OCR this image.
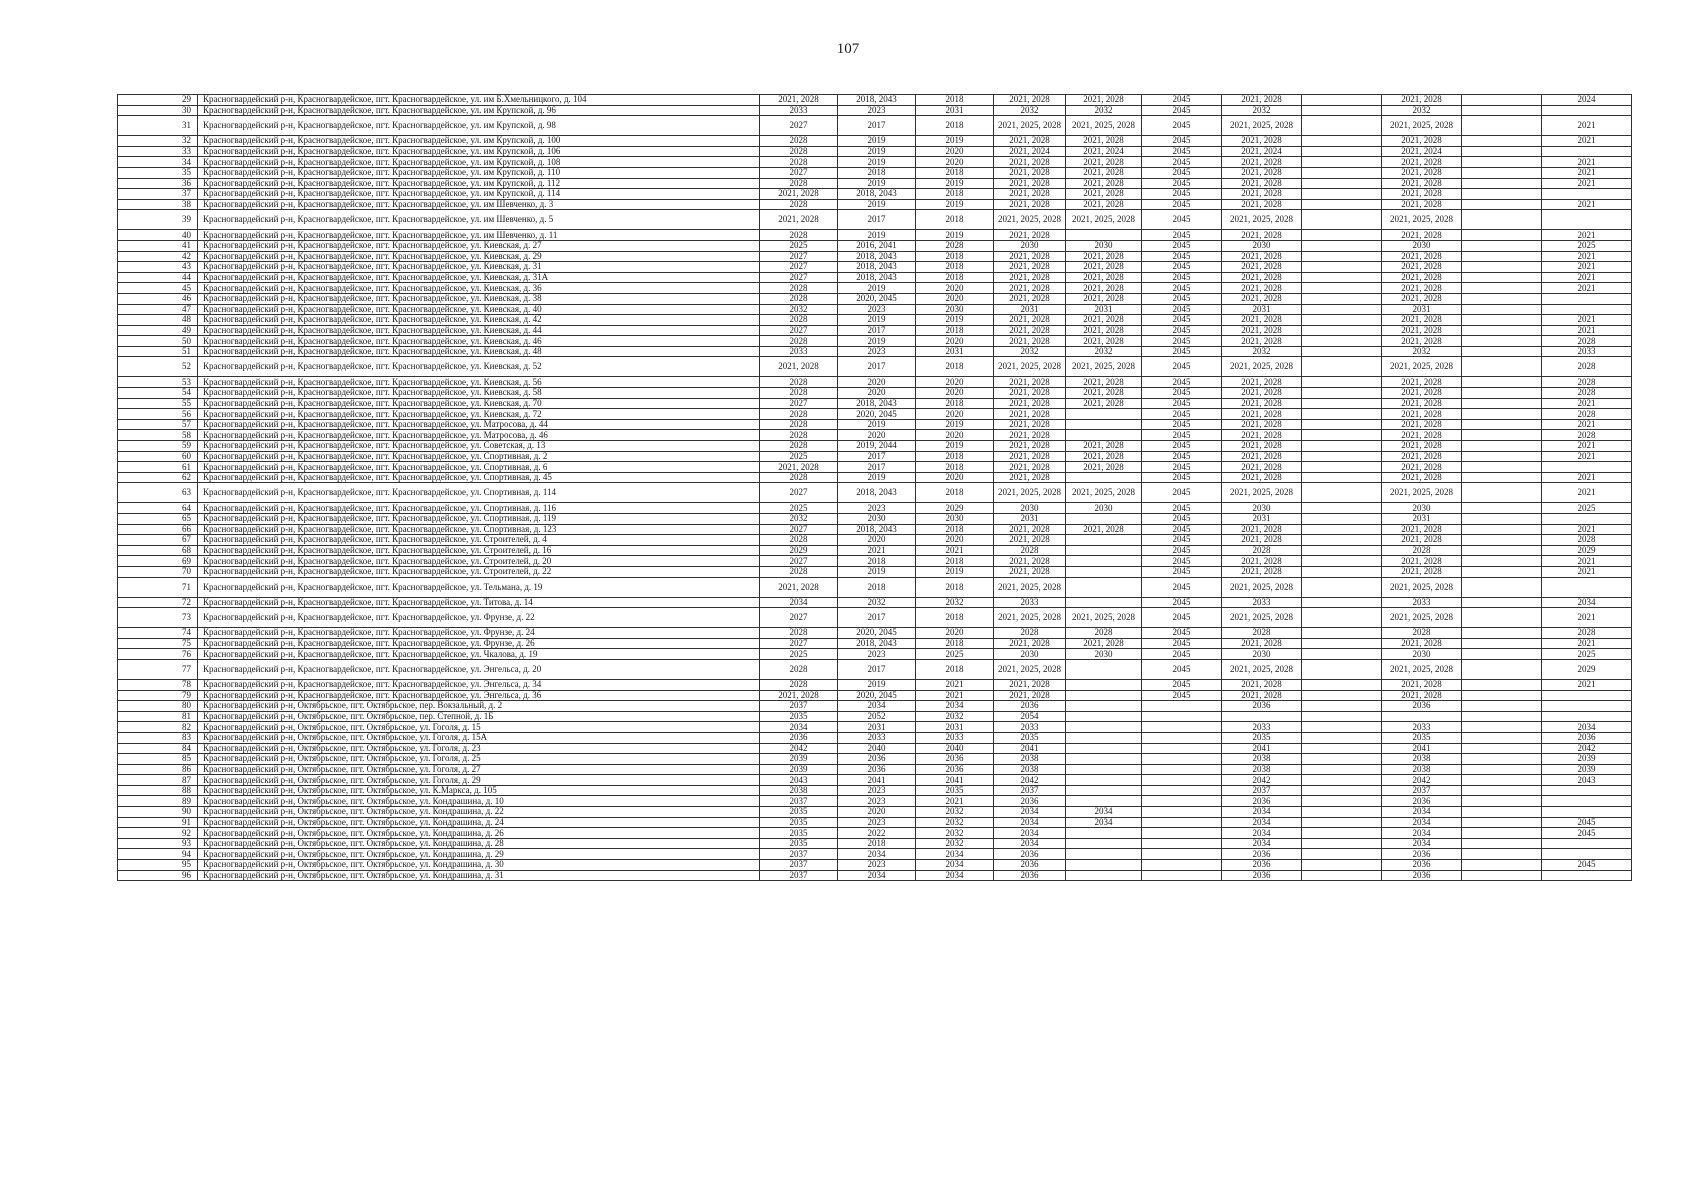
107
29	Красногвардейский р-н, Красногвардейское, пгт. Красногвардейское, ул. им Б.Хмельницкого, д. 104	2021, 2028	2018, 2043	2018	2021, 2028	2021, 2028	2045	2021, 2028		2021, 2028		2024
30	Красногвардейский р-н, Красногвардейское, пгт. Красногвардейское, ул. им Крупской, д. 96	2033	2023	2031	2032	2032	2045	2032		2032		
31	Красногвардейский р-н, Красногвардейское, пгт. Красногвардейское, ул. им Крупской, д. 98	2027	2017	2018	2021, 2025, 2028	2021, 2025, 2028	2045	2021, 2025, 2028		2021, 2025, 2028		2021
32	Красногвардейский р-н, Красногвардейское, пгт. Красногвардейское, ул. им Крупской, д. 100	2028	2019	2019	2021, 2028	2021, 2028	2045	2021, 2028		2021, 2028		2021
33	Красногвардейский р-н, Красногвардейское, пгт. Красногвардейское, ул. им Крупской, д. 106	2028	2019	2020	2021, 2024	2021, 2024	2045	2021, 2024		2021, 2024		
34	Красногвардейский р-н, Красногвардейское, пгт. Красногвардейское, ул. им Крупской, д. 108	2028	2019	2020	2021, 2028	2021, 2028	2045	2021, 2028		2021, 2028		2021
35	Красногвардейский р-н, Красногвардейское, пгт. Красногвардейское, ул. им Крупской, д. 110	2027	2018	2018	2021, 2028	2021, 2028	2045	2021, 2028		2021, 2028		2021
36	Красногвардейский р-н, Красногвардейское, пгт. Красногвардейское, ул. им Крупской, д. 112	2028	2019	2019	2021, 2028	2021, 2028	2045	2021, 2028		2021, 2028		2021
37	Красногвардейский р-н, Красногвардейское, пгт. Красногвардейское, ул. им Крупской, д. 114	2021, 2028	2018, 2043	2018	2021, 2028	2021, 2028	2045	2021, 2028		2021, 2028		
38	Красногвардейский р-н, Красногвардейское, пгт. Красногвардейское, ул. им Шевченко, д. 3	2028	2019	2019	2021, 2028	2021, 2028	2045	2021, 2028		2021, 2028		2021
39	Красногвардейский р-н, Красногвардейское, пгт. Красногвардейское, ул. им Шевченко, д. 5	2021, 2028	2017	2018	2021, 2025, 2028	2021, 2025, 2028	2045	2021, 2025, 2028		2021, 2025, 2028		
40	Красногвардейский р-н, Красногвардейское, пгт. Красногвардейское, ул. им Шевченко, д. 11	2028	2019	2019	2021, 2028		2045	2021, 2028		2021, 2028		2021
41	Красногвардейский р-н, Красногвардейское, пгт. Красногвардейское, ул. Киевская, д. 27	2025	2016, 2041	2028	2030	2030	2045	2030		2030		2025
42	Красногвардейский р-н, Красногвардейское, пгт. Красногвардейское, ул. Киевская, д. 29	2027	2018, 2043	2018	2021, 2028	2021, 2028	2045	2021, 2028		2021, 2028		2021
43	Красногвардейский р-н, Красногвардейское, пгт. Красногвардейское, ул. Киевская, д. 31	2027	2018, 2043	2018	2021, 2028	2021, 2028	2045	2021, 2028		2021, 2028		2021
44	Красногвардейский р-н, Красногвардейское, пгт. Красногвардейское, ул. Киевская, д. 31А	2027	2018, 2043	2018	2021, 2028	2021, 2028	2045	2021, 2028		2021, 2028		2021
45	Красногвардейский р-н, Красногвардейское, пгт. Красногвардейское, ул. Киевская, д. 36	2028	2019	2020	2021, 2028	2021, 2028	2045	2021, 2028		2021, 2028		2021
46	Красногвардейский р-н, Красногвардейское, пгт. Красногвардейское, ул. Киевская, д. 38	2028	2020, 2045	2020	2021, 2028	2021, 2028	2045	2021, 2028		2021, 2028		
47	Красногвардейский р-н, Красногвардейское, пгт. Красногвардейское, ул. Киевская, д. 40	2032	2023	2030	2031	2031	2045	2031		2031		
48	Красногвардейский р-н, Красногвардейское, пгт. Красногвардейское, ул. Киевская, д. 42	2028	2019	2019	2021, 2028	2021, 2028	2045	2021, 2028		2021, 2028		2021
49	Красногвардейский р-н, Красногвардейское, пгт. Красногвардейское, ул. Киевская, д. 44	2027	2017	2018	2021, 2028	2021, 2028	2045	2021, 2028		2021, 2028		2021
50	Красногвардейский р-н, Красногвардейское, пгт. Красногвардейское, ул. Киевская, д. 46	2028	2019	2020	2021, 2028	2021, 2028	2045	2021, 2028		2021, 2028		2028
51	Красногвардейский р-н, Красногвардейское, пгт. Красногвардейское, ул. Киевская, д. 48	2033	2023	2031	2032	2032	2045	2032		2032		2033
52	Красногвардейский р-н, Красногвардейское, пгт. Красногвардейское, ул. Киевская, д. 52	2021, 2028	2017	2018	2021, 2025, 2028	2021, 2025, 2028	2045	2021, 2025, 2028		2021, 2025, 2028		2028
53	Красногвардейский р-н, Красногвардейское, пгт. Красногвардейское, ул. Киевская, д. 56	2028	2020	2020	2021, 2028	2021, 2028	2045	2021, 2028		2021, 2028		2028
54	Красногвардейский р-н, Красногвардейское, пгт. Красногвардейское, ул. Киевская, д. 58	2028	2020	2020	2021, 2028	2021, 2028	2045	2021, 2028		2021, 2028		2028
55	Красногвардейский р-н, Красногвардейское, пгт. Красногвардейское, ул. Киевская, д. 70	2027	2018, 2043	2018	2021, 2028	2021, 2028	2045	2021, 2028		2021, 2028		2021
56	Красногвардейский р-н, Красногвардейское, пгт. Красногвардейское, ул. Киевская, д. 72	2028	2020, 2045	2020	2021, 2028		2045	2021, 2028		2021, 2028		2028
57	Красногвардейский р-н, Красногвардейское, пгт. Красногвардейское, ул. Матросова, д. 44	2028	2019	2019	2021, 2028		2045	2021, 2028		2021, 2028		2021
58	Красногвардейский р-н, Красногвардейское, пгт. Красногвардейское, ул. Матросова, д. 46	2028	2020	2020	2021, 2028		2045	2021, 2028		2021, 2028		2028
59	Красногвардейский р-н, Красногвардейское, пгт. Красногвардейское, ул. Советская, д. 13	2028	2019, 2044	2019	2021, 2028	2021, 2028	2045	2021, 2028		2021, 2028		2021
60	Красногвардейский р-н, Красногвардейское, пгт. Красногвардейское, ул. Спортивная, д. 2	2025	2017	2018	2021, 2028	2021, 2028	2045	2021, 2028		2021, 2028		2021
61	Красногвардейский р-н, Красногвардейское, пгт. Красногвардейское, ул. Спортивная, д. 6	2021, 2028	2017	2018	2021, 2028	2021, 2028	2045	2021, 2028		2021, 2028		
62	Красногвардейский р-н, Красногвардейское, пгт. Красногвардейское, ул. Спортивная, д. 45	2028	2019	2020	2021, 2028		2045	2021, 2028		2021, 2028		2021
63	Красногвардейский р-н, Красногвардейское, пгт. Красногвардейское, ул. Спортивная, д. 114	2027	2018, 2043	2018	2021, 2025, 2028	2021, 2025, 2028	2045	2021, 2025, 2028		2021, 2025, 2028		2021
64	Красногвардейский р-н, Красногвардейское, пгт. Красногвардейское, ул. Спортивная, д. 116	2025	2023	2029	2030	2030	2045	2030		2030		2025
65	Красногвардейский р-н, Красногвардейское, пгт. Красногвардейское, ул. Спортивная, д. 119	2032	2030	2030	2031		2045	2031		2031		
66	Красногвардейский р-н, Красногвардейское, пгт. Красногвардейское, ул. Спортивная, д. 123	2027	2018, 2043	2018	2021, 2028	2021, 2028	2045	2021, 2028		2021, 2028		2021
67	Красногвардейский р-н, Красногвардейское, пгт. Красногвардейское, ул. Строителей, д. 4	2028	2020	2020	2021, 2028		2045	2021, 2028		2021, 2028		2028
68	Красногвардейский р-н, Красногвардейское, пгт. Красногвардейское, ул. Строителей, д. 16	2029	2021	2021	2028		2045	2028		2028		2029
69	Красногвардейский р-н, Красногвардейское, пгт. Красногвардейское, ул. Строителей, д. 20	2027	2018	2018	2021, 2028		2045	2021, 2028		2021, 2028		2021
70	Красногвардейский р-н, Красногвардейское, пгт. Красногвардейское, ул. Строителей, д. 22	2028	2019	2019	2021, 2028		2045	2021, 2028		2021, 2028		2021
71	Красногвардейский р-н, Красногвардейское, пгт. Красногвардейское, ул. Тельмана, д. 19	2021, 2028	2018	2018	2021, 2025, 2028		2045	2021, 2025, 2028		2021, 2025, 2028		
72	Красногвардейский р-н, Красногвардейское, пгт. Красногвардейское, ул. Титова, д. 14	2034	2032	2032	2033		2045	2033		2033		2034
73	Красногвардейский р-н, Красногвардейское, пгт. Красногвардейское, ул. Фрунзе, д. 22	2027	2017	2018	2021, 2025, 2028	2021, 2025, 2028	2045	2021, 2025, 2028		2021, 2025, 2028		2021
74	Красногвардейский р-н, Красногвардейское, пгт. Красногвардейское, ул. Фрунзе, д. 24	2028	2020, 2045	2020	2028	2028	2045	2028		2028		2028
75	Красногвардейский р-н, Красногвардейское, пгт. Красногвардейское, ул. Фрунзе, д. 26	2027	2018, 2043	2018	2021, 2028	2021, 2028	2045	2021, 2028		2021, 2028		2021
76	Красногвардейский р-н, Красногвардейское, пгт. Красногвардейское, ул. Чкалова, д. 19	2025	2023	2025	2030	2030	2045	2030		2030		2025
77	Красногвардейский р-н, Красногвардейское, пгт. Красногвардейское, ул. Энгельса, д. 20	2028	2017	2018	2021, 2025, 2028		2045	2021, 2025, 2028		2021, 2025, 2028		2029
78	Красногвардейский р-н, Красногвардейское, пгт. Красногвардейское, ул. Энгельса, д. 34	2028	2019	2021	2021, 2028		2045	2021, 2028		2021, 2028		2021
79	Красногвардейский р-н, Красногвардейское, пгт. Красногвардейское, ул. Энгельса, д. 36	2021, 2028	2020, 2045	2021	2021, 2028		2045	2021, 2028		2021, 2028		
80	Красногвардейский р-н, Октябрьское, пгт. Октябрьское, пер. Вокзальный, д. 2	2037	2034	2034	2036			2036		2036		
81	Красногвардейский р-н, Октябрьское, пгт. Октябрьское, пер. Степной, д. 1Б	2035	2052	2032	2054							
82	Красногвардейский р-н, Октябрьское, пгт. Октябрьское, ул. Гоголя, д. 15	2034	2031	2031	2033			2033		2033		2034
83	Красногвардейский р-н, Октябрьское, пгт. Октябрьское, ул. Гоголя, д. 15А	2036	2033	2033	2035			2035		2035		2036
84	Красногвардейский р-н, Октябрьское, пгт. Октябрьское, ул. Гоголя, д. 23	2042	2040	2040	2041			2041		2041		2042
85	Красногвардейский р-н, Октябрьское, пгт. Октябрьское, ул. Гоголя, д. 25	2039	2036	2036	2038			2038		2038		2039
86	Красногвардейский р-н, Октябрьское, пгт. Октябрьское, ул. Гоголя, д. 27	2039	2036	2036	2038			2038		2038		2039
87	Красногвардейский р-н, Октябрьское, пгт. Октябрьское, ул. Гоголя, д. 29	2043	2041	2041	2042			2042		2042		2043
88	Красногвардейский р-н, Октябрьское, пгт. Октябрьское, ул. К.Маркса, д. 105	2038	2023	2035	2037			2037		2037		
89	Красногвардейский р-н, Октябрьское, пгт. Октябрьское, ул. Кондрашина, д. 10	2037	2023	2021	2036			2036		2036		
90	Красногвардейский р-н, Октябрьское, пгт. Октябрьское, ул. Кондрашина, д. 22	2035	2020	2032	2034	2034		2034		2034		
91	Красногвардейский р-н, Октябрьское, пгт. Октябрьское, ул. Кондрашина, д. 24	2035	2023	2032	2034	2034		2034		2034		2045
92	Красногвардейский р-н, Октябрьское, пгт. Октябрьское, ул. Кондрашина, д. 26	2035	2022	2032	2034			2034		2034		2045
93	Красногвардейский р-н, Октябрьское, пгт. Октябрьское, ул. Кондрашина, д. 28	2035	2018	2032	2034			2034		2034		
94	Красногвардейский р-н, Октябрьское, пгт. Октябрьское, ул. Кондрашина, д. 29	2037	2034	2034	2036			2036		2036		
95	Красногвардейский р-н, Октябрьское, пгт. Октябрьское, ул. Кондрашина, д. 30	2037	2023	2034	2036			2036		2036		2045
96	Красногвардейский р-н, Октябрьское, пгт. Октябрьское, ул. Кондрашина, д. 31	2037	2034	2034	2036			2036		2036		
